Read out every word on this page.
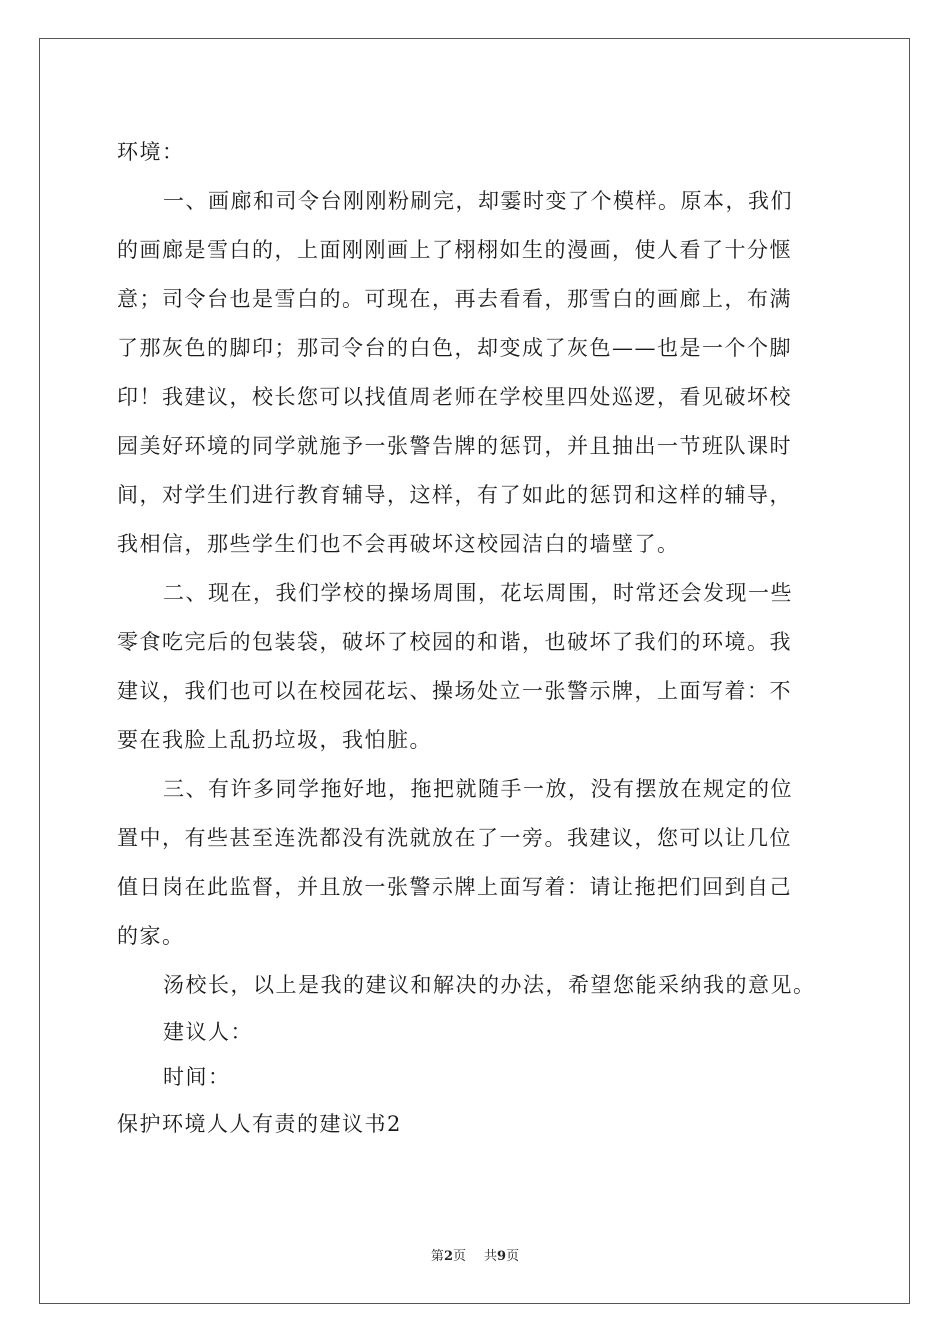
环境：
一、画廊和司令台刚刚粉刷完，却霎时变了个模样。原本，我们
的画廊是雪白的，上面刚刚画上了栩栩如生的漫画，使人看了十分惬
意；司令台也是雪白的。可现在，再去看看，那雪白的画廊上，布满
了那灰色的脚印；那司令台的白色，却变成了灰色——也是一个个脚
印！我建议，校长您可以找值周老师在学校里四处巡逻，看见破坏校
园美好环境的同学就施予一张警告牌的惩罚，并且抽出一节班队课时
间，对学生们进行教育辅导，这样，有了如此的惩罚和这样的辅导，
我相信，那些学生们也不会再破坏这校园洁白的墙壁了。
二、现在，我们学校的操场周围，花坛周围，时常还会发现一些
零食吃完后的包装袋，破坏了校园的和谐，也破坏了我们的环境。我
建议，我们也可以在校园花坛、操场处立一张警示牌，上面写着：不
要在我脸上乱扔垃圾，我怕脏。
三、有许多同学拖好地，拖把就随手一放，没有摆放在规定的位
置中，有些甚至连洗都没有洗就放在了一旁。我建议，您可以让几位
值日岗在此监督，并且放一张警示牌上面写着：请让拖把们回到自己
的家。
汤校长，以上是我的建议和解决的办法，希望您能采纳我的意见。
建议人：
时间：
保护环境人人有责的建议书2
第2页 共9页
